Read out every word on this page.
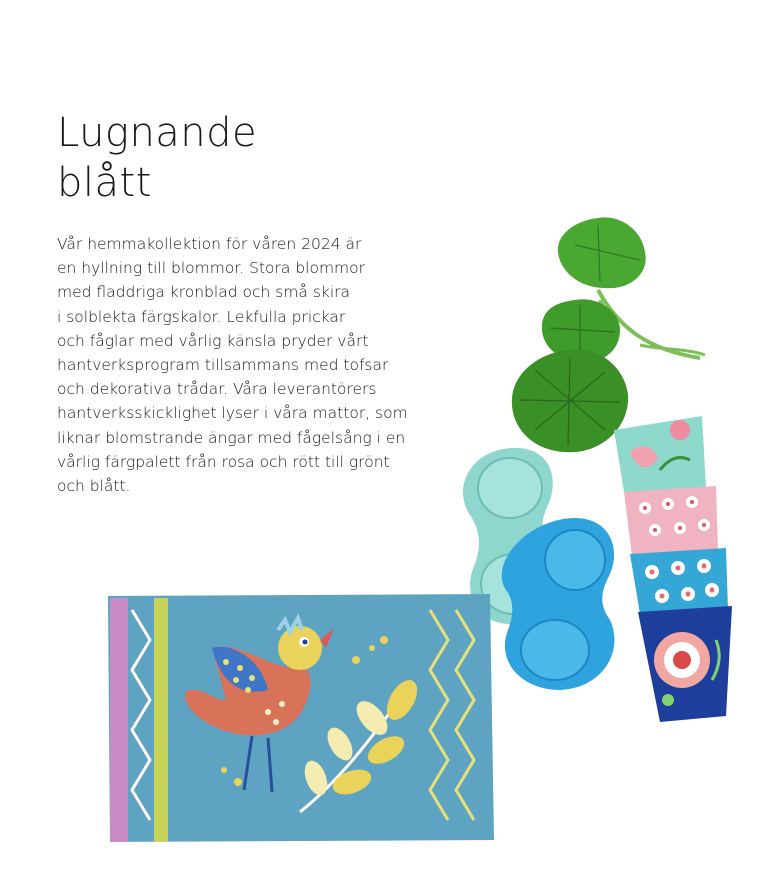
Lugnande
blått
Vår hemmakollektion för våren 2024 är
en hyllning till blommor. Stora blommor
med fladdriga kronblad och små skira
i solblekta färgskalor. Lekfulla prickar
och fåglar med vårlig känsla pryder vårt
hantverksprogram tillsammans med tofsar
och dekorativa trådar. Våra leverantörers
hantverksskicklighet lyser i våra mattor, som
liknar blomstrande ängar med fågelsång i en
vårlig färgpalett från rosa och rött till grönt
och blått.
